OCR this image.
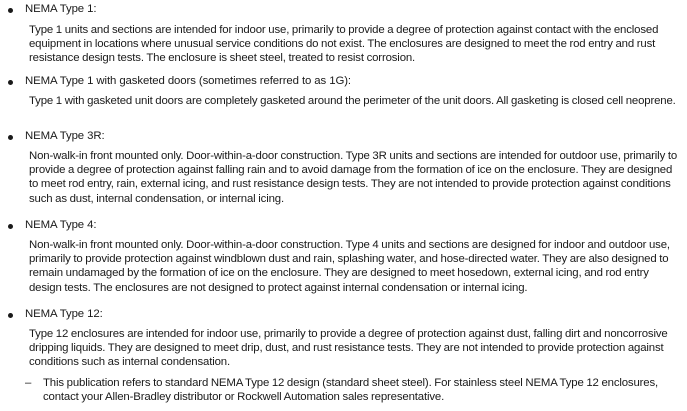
NEMA Type 1:
Type 1 units and sections are intended for indoor use, primarily to provide a degree of protection against contact with the enclosed equipment in locations where unusual service conditions do not exist. The enclosures are designed to meet the rod entry and rust resistance design tests. The enclosure is sheet steel, treated to resist corrosion.
NEMA Type 1 with gasketed doors (sometimes referred to as 1G):
Type 1 with gasketed unit doors are completely gasketed around the perimeter of the unit doors. All gasketing is closed cell neoprene.
NEMA Type 3R:
Non-walk-in front mounted only. Door-within-a-door construction. Type 3R units and sections are intended for outdoor use, primarily to provide a degree of protection against falling rain and to avoid damage from the formation of ice on the enclosure. They are designed to meet rod entry, rain, external icing, and rust resistance design tests. They are not intended to provide protection against conditions such as dust, internal condensation, or internal icing.
NEMA Type 4:
Non-walk-in front mounted only. Door-within-a-door construction. Type 4 units and sections are designed for indoor and outdoor use, primarily to provide protection against windblown dust and rain, splashing water, and hose-directed water. They are also designed to remain undamaged by the formation of ice on the enclosure. They are designed to meet hosedown, external icing, and rod entry design tests. The enclosures are not designed to protect against internal condensation or internal icing.
NEMA Type 12:
Type 12 enclosures are intended for indoor use, primarily to provide a degree of protection against dust, falling dirt and noncorrosive dripping liquids. They are designed to meet drip, dust, and rust resistance tests. They are not intended to provide protection against conditions such as internal condensation.
–	This publication refers to standard NEMA Type 12 design (standard sheet steel). For stainless steel NEMA Type 12 enclosures, contact your Allen-Bradley distributor or Rockwell Automation sales representative.
